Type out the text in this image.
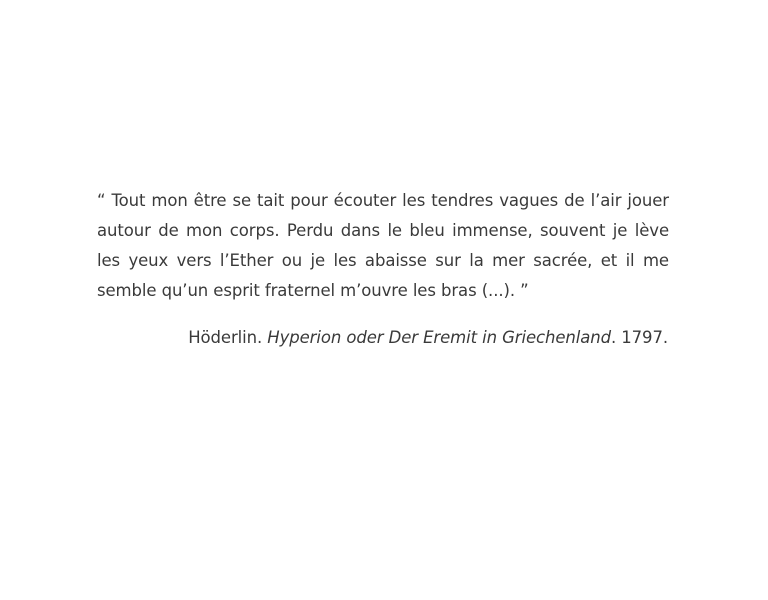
“ Tout mon être se tait pour écouter les tendres vagues de l’air jouer autour de mon corps. Perdu dans le bleu immense, souvent je lève les yeux vers l’Ether ou je les abaisse sur la mer sacrée, et il me semble qu’un esprit fraternel m’ouvre les bras (...). ”

Höderlin. Hyperion oder Der Eremit in Griechenland. 1797.
